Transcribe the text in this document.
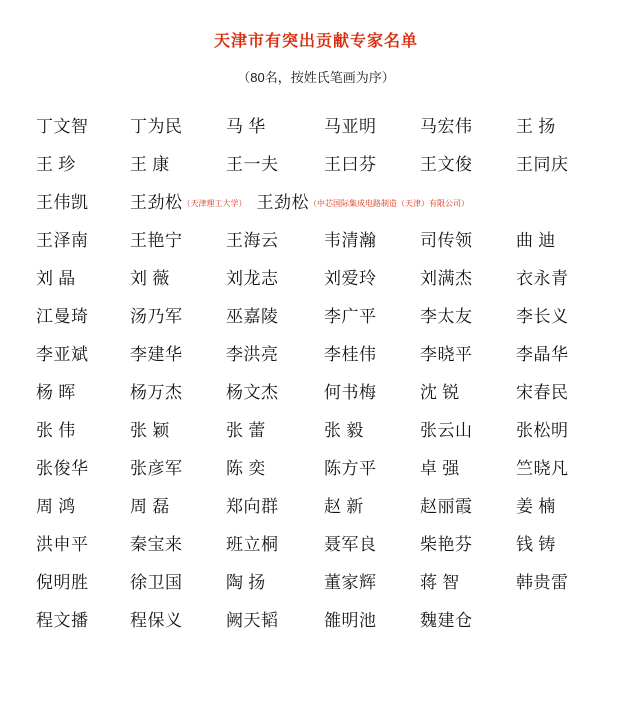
天津市有突出贡献专家名单
（80名，按姓氏笔画为序）
丁文智	丁为民	马 华	马亚明	马宏伟	王 扬
王 珍	王 康	王一夫	王曰芬	王文俊	王同庆
王伟凯	王劲松（天津理工大学） 王劲松（中芯国际集成电路制造（天津）有限公司）
王泽南	王艳宁	王海云	韦清瀚	司传领	曲 迪
刘 晶	刘 薇	刘龙志	刘爱玲	刘满杰	衣永青
江曼琦	汤乃军	巫嘉陵	李广平	李太友	李长义
李亚斌	李建华	李洪亮	李桂伟	李晓平	李晶华
杨 晖	杨万杰	杨文杰	何书梅	沈 锐	宋春民
张 伟	张 颖	张 蕾	张 毅	张云山	张松明
张俊华	张彦军	陈 奕	陈方平	卓 强	竺晓凡
周 鸿	周 磊	郑向群	赵 新	赵丽霞	姜 楠
洪申平	秦宝来	班立桐	聂军良	柴艳芬	钱 铸
倪明胜	徐卫国	陶 扬	董家辉	蒋 智	韩贵雷
程文播	程保义	阙天韬	雒明池	魏建仓
